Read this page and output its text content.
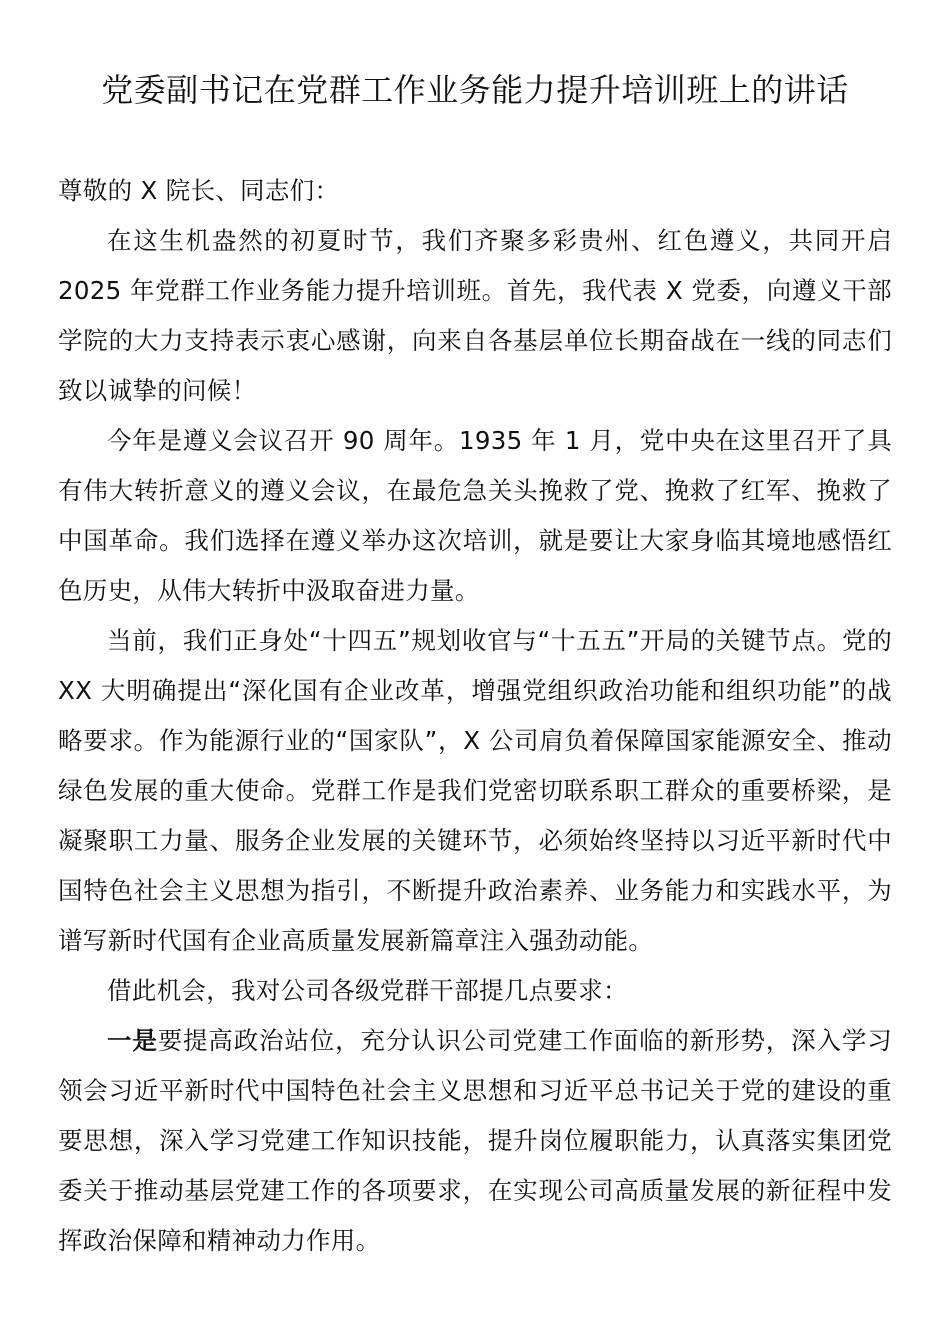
党委副书记在党群工作业务能力提升培训班上的讲话

尊敬的 X 院长、同志们：

在这生机盎然的初夏时节，我们齐聚多彩贵州、红色遵义，共同开启 2025 年党群工作业务能力提升培训班。首先，我代表 X 党委，向遵义干部学院的大力支持表示衷心感谢，向来自各基层单位长期奋战在一线的同志们致以诚挚的问候！

今年是遵义会议召开 90 周年。1935 年 1 月，党中央在这里召开了具有伟大转折意义的遵义会议，在最危急关头挽救了党、挽救了红军、挽救了中国革命。我们选择在遵义举办这次培训，就是要让大家身临其境地感悟红色历史，从伟大转折中汲取奋进力量。

当前，我们正身处“十四五”规划收官与“十五五”开局的关键节点。党的 XX 大明确提出“深化国有企业改革，增强党组织政治功能和组织功能”的战略要求。作为能源行业的“国家队”，X 公司肩负着保障国家能源安全、推动绿色发展的重大使命。党群工作是我们党密切联系职工群众的重要桥梁，是凝聚职工力量、服务企业发展的关键环节，必须始终坚持以习近平新时代中国特色社会主义思想为指引，不断提升政治素养、业务能力和实践水平，为谱写新时代国有企业高质量发展新篇章注入强劲动能。

借此机会，我对公司各级党群干部提几点要求：

一是要提高政治站位，充分认识公司党建工作面临的新形势，深入学习领会习近平新时代中国特色社会主义思想和习近平总书记关于党的建设的重要思想，深入学习党建工作知识技能，提升岗位履职能力，认真落实集团党委关于推动基层党建工作的各项要求，在实现公司高质量发展的新征程中发挥政治保障和精神动力作用。
